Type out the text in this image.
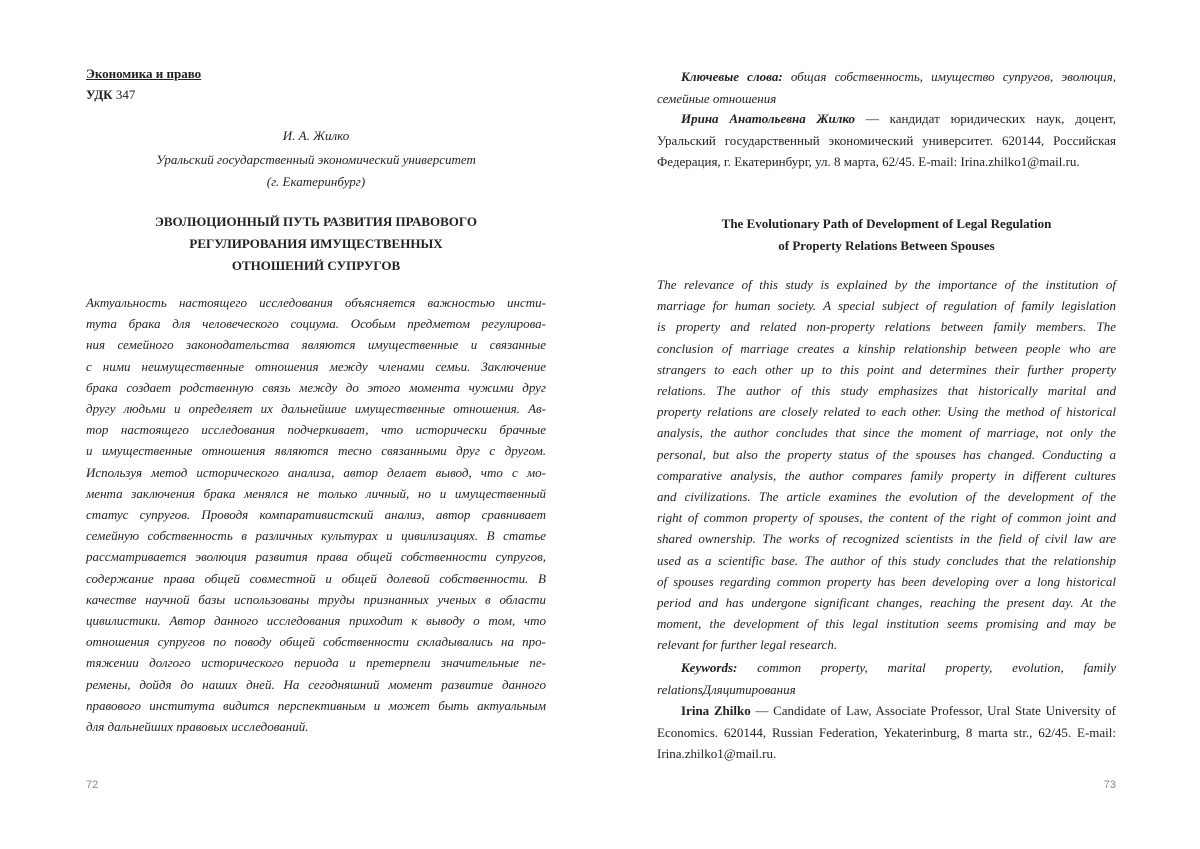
Экономика и право
УДК 347
И. А. Жилко
Уральский государственный экономический университет
(г. Екатеринбург)
ЭВОЛЮЦИОННЫЙ ПУТЬ РАЗВИТИЯ ПРАВОВОГО
РЕГУЛИРОВАНИЯ ИМУЩЕСТВЕННЫХ
ОТНОШЕНИЙ СУПРУГОВ
Актуальность настоящего исследования объясняется важностью инсти-
тута брака для человеческого социума. Особым предметом регулирова-
ния семейного законодательства являются имущественные и связанные
с ними неимущественные отношения между членами семьи. Заключение
брака создает родственную связь между до этого момента чужими друг
другу людьми и определяет их дальнейшие имущественные отношения. Ав-
тор настоящего исследования подчеркивает, что исторически брачные
и имущественные отношения являются тесно связанными друг с другом.
Используя метод исторического анализа, автор делает вывод, что с мо-
мента заключения брака менялся не только личный, но и имущественный
статус супругов. Проводя компаративистский анализ, автор сравнивает
семейную собственность в различных культурах и цивилизациях. В статье
рассматривается эволюция развития права общей собственности супругов,
содержание права общей совместной и общей долевой собственности. В
качестве научной базы использованы труды признанных ученых в области
цивилистики. Автор данного исследования приходит к выводу о том, что
отношения супругов по поводу общей собственности складывались на про-
тяжении долгого исторического периода и претерпели значительные пе-
ремены, дойдя до наших дней. На сегодняшний момент развитие данного
правового института видится перспективным и может быть актуальным
для дальнейших правовых исследований.
72
Ключевые слова: общая собственность, имущество супругов, эволюция, семейные отношения
Ирина Анатольевна Жилко — кандидат юридических наук, доцент, Уральский государственный экономический университет. 620144, Российская Федерация, г. Екатеринбург, ул. 8 марта, 62/45. E-mail: Irina.zhilko1@mail.ru.
The Evolutionary Path of Development of Legal Regulation
of Property Relations Between Spouses
The relevance of this study is explained by the importance of the institution of
marriage for human society. A special subject of regulation of family legislation
is property and related non-property relations between family members. The
conclusion of marriage creates a kinship relationship between people who are
strangers to each other up to this point and determines their further property
relations. The author of this study emphasizes that historically marital and
property relations are closely related to each other. Using the method of historical
analysis, the author concludes that since the moment of marriage, not only the
personal, but also the property status of the spouses has changed. Conducting a
comparative analysis, the author compares family property in different cultures
and civilizations. The article examines the evolution of the development of the
right of common property of spouses, the content of the right of common joint and
shared ownership. The works of recognized scientists in the field of civil law are
used as a scientific base. The author of this study concludes that the relationship
of spouses regarding common property has been developing over a long historical
period and has undergone significant changes, reaching the present day. At the
moment, the development of this legal institution seems promising and may be
relevant for further legal research.
Keywords: common property, marital property, evolution, family relationsДляцитирования
Irina Zhilko — Candidate of Law, Associate Professor, Ural State University of Economics. 620144, Russian Federation, Yekaterinburg, 8 marta str., 62/45. E-mail: Irina.zhilko1@mail.ru.
73
